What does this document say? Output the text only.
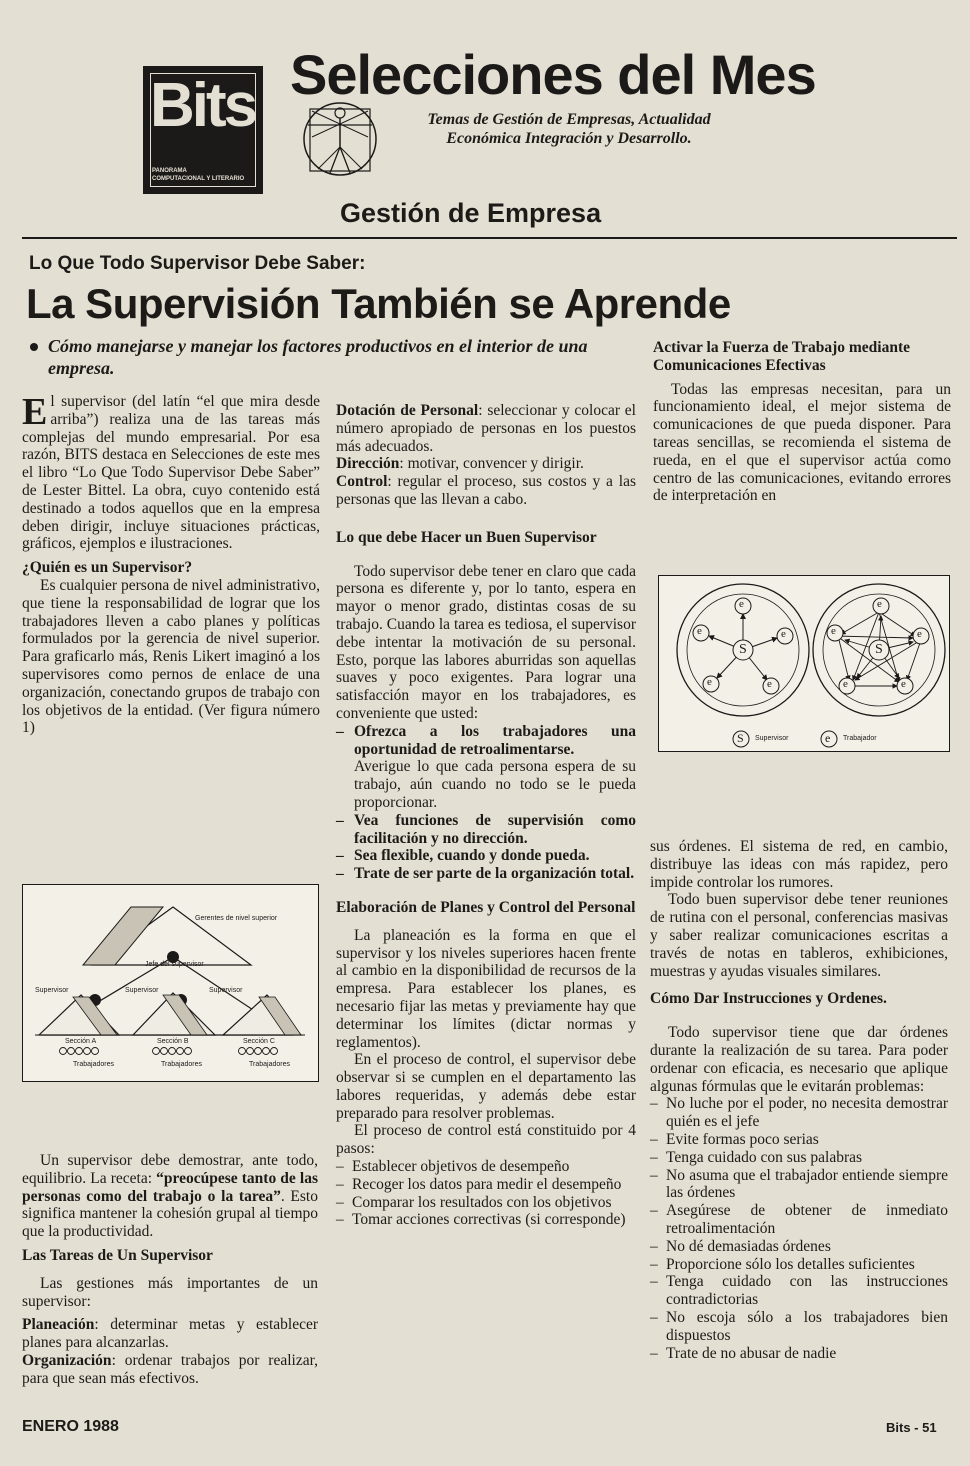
Bits
PANORAMA
COMPUTACIONAL Y LITERARIO
Selecciones del Mes
Temas de Gestión de Empresas, Actualidad
Económica Integración y Desarrollo.
Gestión de Empresa
Lo Que Todo Supervisor Debe Saber:
La Supervisión También se Aprende
Cómo manejarse y manejar los factores productivos en el interior de una empresa.

El supervisor (del latín “el que mira desde arriba”) realiza una de las tareas más complejas del mundo empresarial. Por esa razón, BITS destaca en Selecciones de este mes el libro “Lo Que Todo Supervisor Debe Saber” de Lester Bittel. La obra, cuyo contenido está destinado a todos aquellos que en la empresa deben dirigir, incluye situaciones prácticas, gráficos, ejemplos e ilustraciones.

¿Quién es un Supervisor?

Es cualquier persona de nivel administrativo, que tiene la responsabilidad de lograr que los trabajadores lleven a cabo planes y políticas formulados por la gerencia de nivel superior. Para graficarlo más, Renis Likert imaginó a los supervisores como pernos de enlace de una organización, conectando grupos de trabajo con los objetivos de la entidad. (Ver figura número 1)

Gerentes de nivel superior
Jefe del supervisor
Supervisor	Supervisor	Supervisor
Sección A	Sección B	Sección C
Trabajadores	Trabajadores	Trabajadores

Un supervisor debe demostrar, ante todo, equilibrio. La receta: “preocúpese tanto de las personas como del trabajo o la tarea”. Esto significa mantener la cohesión grupal al tiempo que la productividad.

Las Tareas de Un Supervisor

Las gestiones más importantes de un supervisor:

Planeación: determinar metas y establecer planes para alcanzarlas.

Organización: ordenar trabajos por realizar, para que sean más efectivos.

Dotación de Personal: seleccionar y colocar el número apropiado de personas en los puestos más adecuados.

Dirección: motivar, convencer y dirigir.

Control: regular el proceso, sus costos y a las personas que las llevan a cabo.

Lo que debe Hacer un Buen Supervisor

Todo supervisor debe tener en claro que cada persona es diferente y, por lo tanto, espera en mayor o menor grado, distintas cosas de su trabajo. Cuando la tarea es tediosa, el supervisor debe intentar la motivación de su personal. Esto, porque las labores aburridas son aquellas suaves y poco exigentes. Para lograr una satisfacción mayor en los trabajadores, es conveniente que usted:

– Ofrezca a los trabajadores una oportunidad de retroalimentarse.
Averigue lo que cada persona espera de su trabajo, aún cuando no todo se le pueda proporcionar.
– Vea funciones de supervisión como facilitación y no dirección.
– Sea flexible, cuando y donde pueda.
– Trate de ser parte de la organización total.

Elaboración de Planes y Control del Personal

La planeación es la forma en que el supervisor y los niveles superiores hacen frente al cambio en la disponibilidad de recursos de la empresa. Para establecer los planes, es necesario fijar las metas y previamente hay que determinar los límites (dictar normas y reglamentos).

En el proceso de control, el supervisor debe observar si se cumplen en el departamento las labores requeridas, y además debe estar preparado para resolver problemas.

El proceso de control está constituido por 4 pasos:

– Establecer objetivos de desempeño
– Recoger los datos para medir el desempeño
– Comparar los resultados con los objetivos
– Tomar acciones correctivas (si corresponde)

Activar la Fuerza de Trabajo mediante Comunicaciones Efectivas

Todas las empresas necesitan, para un funcionamiento ideal, el mejor sistema de comunicaciones de que pueda disponer. Para tareas sencillas, se recomienda el sistema de rueda, en el que el supervisor actúa como centro de las comunicaciones, evitando errores de interpretación en

S	S
e
e	e
e	e
e
e	e
e	e
S	e
Supervisor	Trabajador

sus órdenes. El sistema de red, en cambio, distribuye las ideas con más rapidez, pero impide controlar los rumores.

Todo buen supervisor debe tener reuniones de rutina con el personal, conferencias masivas y saber realizar comunicaciones escritas a través de notas en tableros, exhibiciones, muestras y ayudas visuales similares.

Cómo Dar Instrucciones y Ordenes.

Todo supervisor tiene que dar órdenes durante la realización de su tarea. Para poder ordenar con eficacia, es necesario que aplique algunas fórmulas que le evitarán problemas:

– No luche por el poder, no necesita demostrar quién es el jefe
– Evite formas poco serias
– Tenga cuidado con sus palabras
– No asuma que el trabajador entiende siempre las órdenes
– Asegúrese de obtener de inmediato retroalimentación
– No dé demasiadas órdenes
– Proporcione sólo los detalles suficientes
– Tenga cuidado con las instrucciones contradictorias
– No escoja sólo a los trabajadores bien dispuestos
– Trate de no abusar de nadie
ENERO 1988	Bits - 51
